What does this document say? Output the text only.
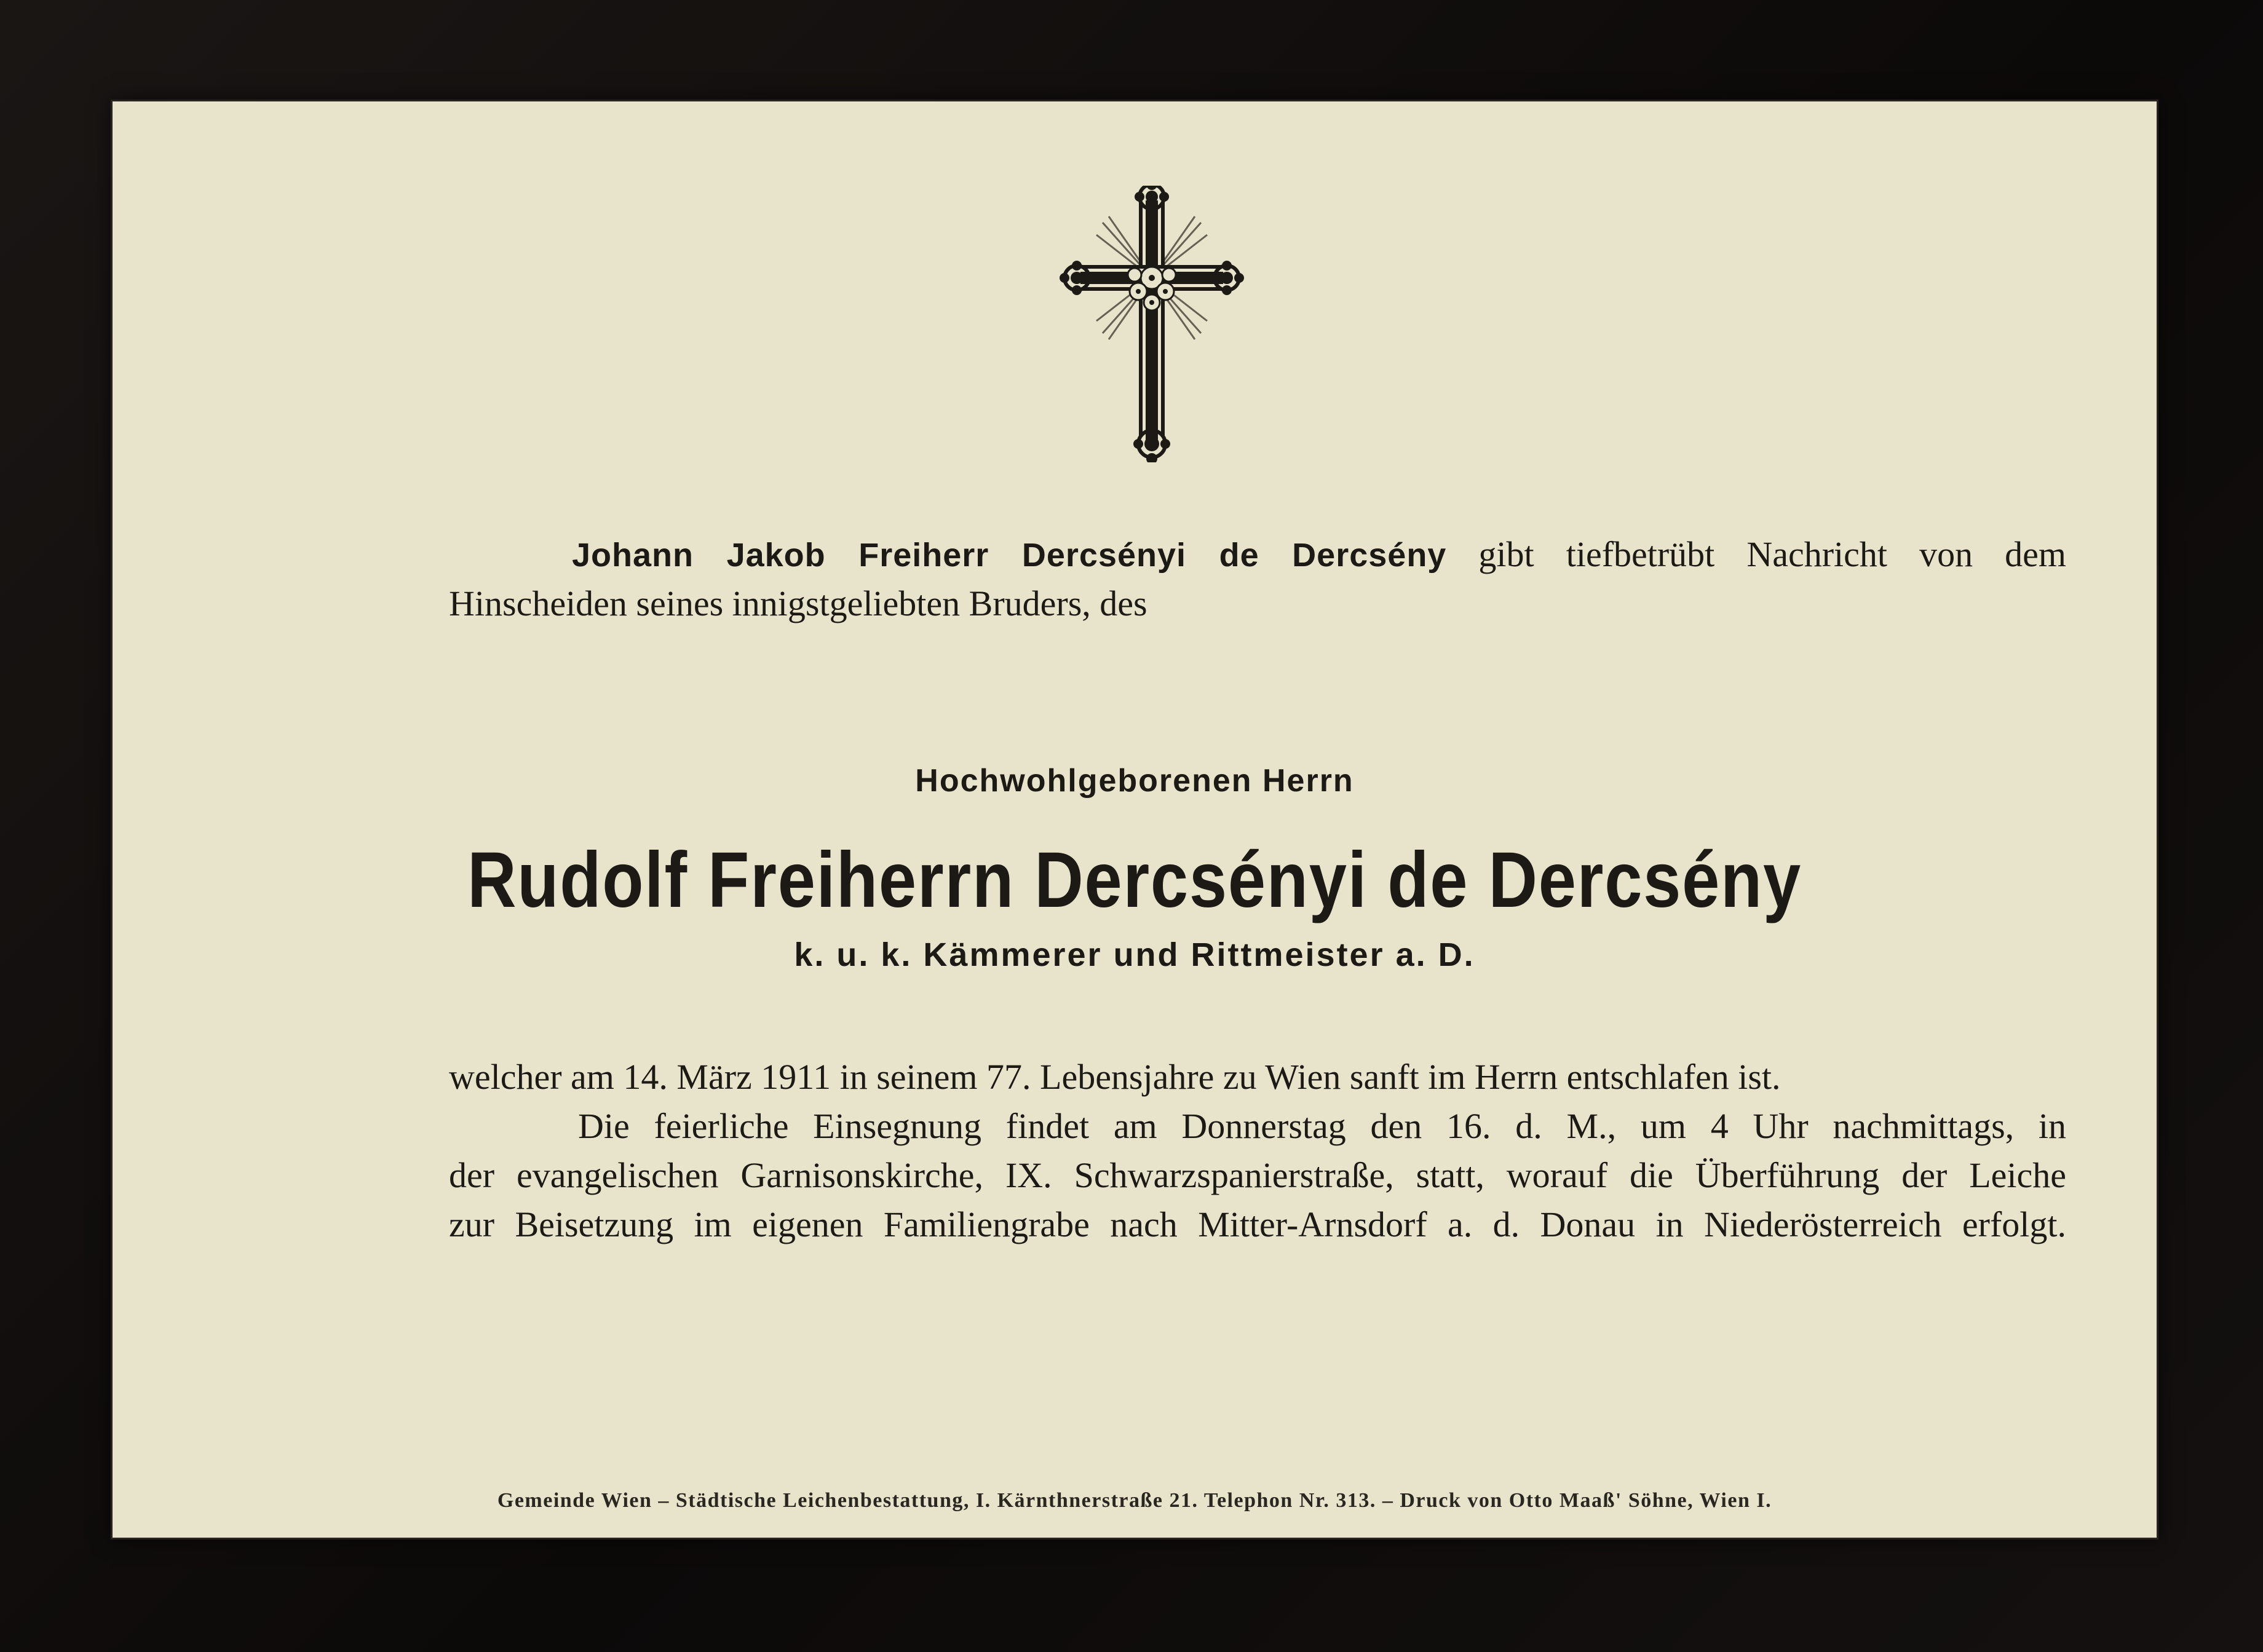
Johann Jakob Freiherr Dercsényi de Dercsény gibt tiefbetrübt Nachricht von dem

Hinscheiden seines innigstgeliebten Bruders, des

Hochwohlgeborenen Herrn

Rudolf Freiherrn Dercsényi de Dercsény

k. u. k. Kämmerer und Rittmeister a. D.

welcher am 14. März 1911 in seinem 77. Lebensjahre zu Wien sanft im Herrn entschlafen ist.

Die feierliche Einsegnung findet am Donnerstag den 16. d. M., um 4 Uhr nachmittags, in

der evangelischen Garnisonskirche, IX. Schwarzspanierstraße, statt, worauf die Überführung der Leiche

zur Beisetzung im eigenen Familiengrabe nach Mitter-Arnsdorf a. d. Donau in Niederösterreich erfolgt.

Gemeinde Wien – Städtische Leichenbestattung, I. Kärnthnerstraße 21. Telephon Nr. 313. – Druck von Otto Maaß' Söhne, Wien I.
